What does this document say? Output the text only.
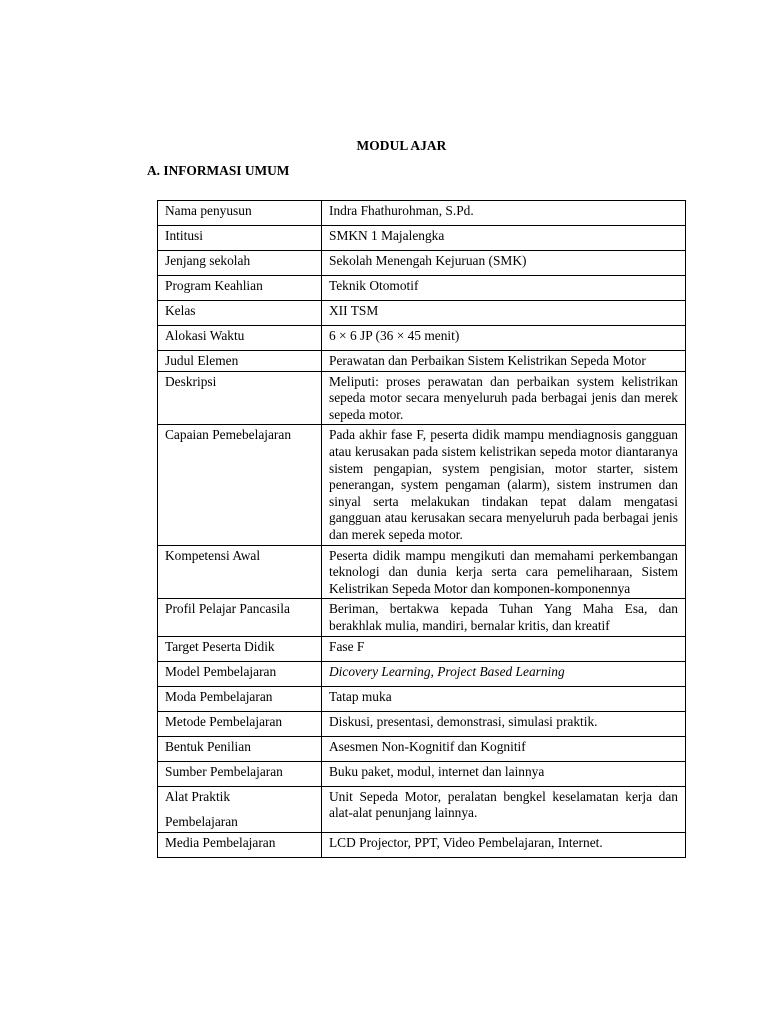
MODUL AJAR
A. INFORMASI UMUM
Nama penyusun	Indra Fhathurohman, S.Pd.
Intitusi	SMKN 1 Majalengka
Jenjang sekolah	Sekolah Menengah Kejuruan (SMK)
Program Keahlian	Teknik Otomotif
Kelas	XII TSM
Alokasi Waktu	6 × 6 JP (36 × 45 menit)
Judul Elemen	Perawatan dan Perbaikan Sistem Kelistrikan Sepeda Motor
Deskripsi	Meliputi: proses perawatan dan perbaikan system kelistrikan sepeda motor secara menyeluruh pada berbagai jenis dan merek sepeda motor.
Capaian Pemebelajaran	Pada akhir fase F, peserta didik mampu mendiagnosis gangguan atau kerusakan pada sistem kelistrikan sepeda motor diantaranya sistem pengapian, system pengisian, motor starter, sistem penerangan, system pengaman (alarm), sistem instrumen dan sinyal serta melakukan tindakan tepat dalam mengatasi gangguan atau kerusakan secara menyeluruh pada berbagai jenis dan merek sepeda motor.
Kompetensi Awal	Peserta didik mampu mengikuti dan memahami perkembangan teknologi dan dunia kerja serta cara pemeliharaan, Sistem Kelistrikan Sepeda Motor dan komponen-komponennya
Profil Pelajar Pancasila	Beriman, bertakwa kepada Tuhan Yang Maha Esa, dan berakhlak mulia, mandiri, bernalar kritis, dan kreatif
Target Peserta Didik	Fase F
Model Pembelajaran	Dicovery Learning, Project Based Learning
Moda Pembelajaran	Tatap muka
Metode Pembelajaran	Diskusi, presentasi, demonstrasi, simulasi praktik.
Bentuk Penilian	Asesmen Non-Kognitif dan Kognitif
Sumber Pembelajaran	Buku paket, modul, internet dan lainnya

Alat Praktik
Pembelajaran	Unit Sepeda Motor, peralatan bengkel keselamatan kerja dan alat-alat penunjang lainnya.
Media Pembelajaran	LCD Projector, PPT, Video Pembelajaran, Internet.
